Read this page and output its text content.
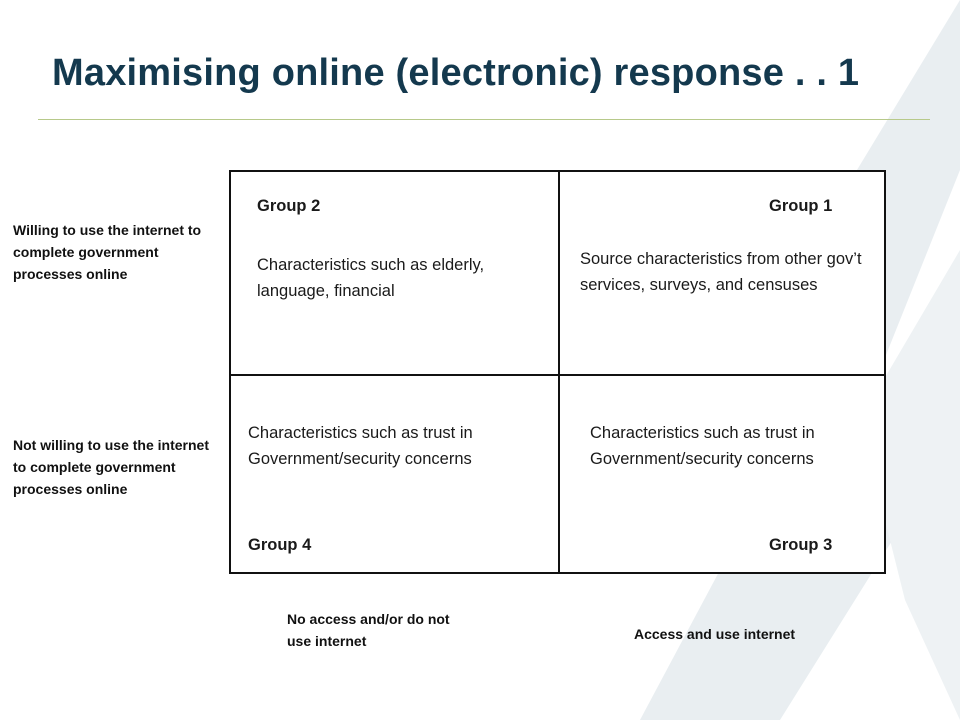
Maximising online (electronic) response . . 1
Willing to use the internet to complete government processes online
Not willing to use the internet to complete government processes online
Group 2
Characteristics such as elderly, language, financial
Group 1
Source characteristics from other gov’t services, surveys, and censuses
Characteristics such as trust in Government/security concerns
Group 4
Characteristics such as trust in Government/security concerns
Group 3
No access and/or do not use internet	Access and use internet
